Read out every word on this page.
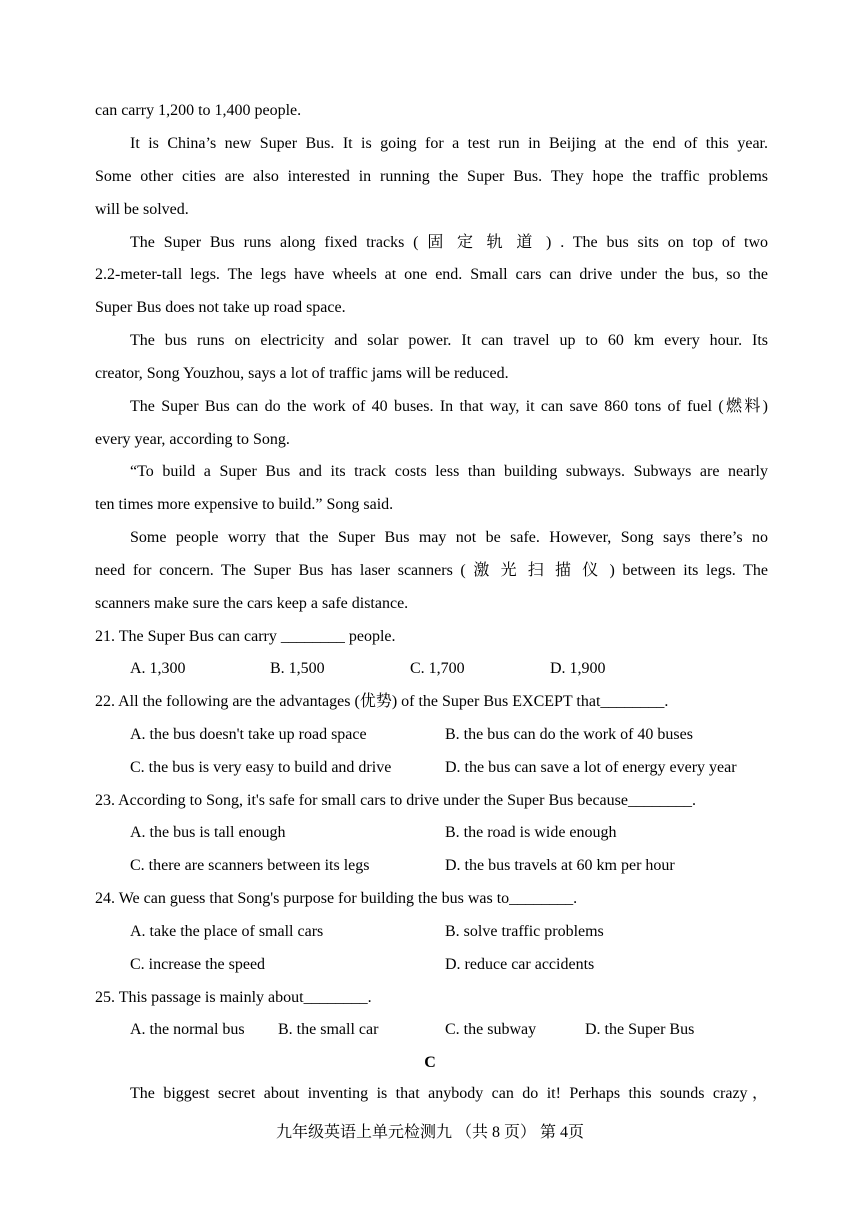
can carry 1,200 to 1,400 people.
It is China’s new Super Bus. It is going for a test run in Beijing at the end of this year.
Some other cities are also interested in running the Super Bus. They hope the traffic problems
will be solved.
The Super Bus runs along fixed tracks ( 固 定 轨 道 ) . The bus sits on top of two
2.2-meter-tall legs. The legs have wheels at one end. Small cars can drive under the bus, so the
Super Bus does not take up road space.
The bus runs on electricity and solar power. It can travel up to 60 km every hour. Its
creator, Song Youzhou, says a lot of traffic jams will be reduced.
The Super Bus can do the work of 40 buses. In that way, it can save 860 tons of fuel (燃料)
every year, according to Song.
“To build a Super Bus and its track costs less than building subways. Subways are nearly
ten times more expensive to build.” Song said.
Some people worry that the Super Bus may not be safe. However, Song says there’s no
need for concern. The Super Bus has laser scanners ( 激 光 扫 描 仪 ) between its legs. The
scanners make sure the cars keep a safe distance.
21. The Super Bus can carry ________ people.
A. 1,300	B. 1,500	C. 1,700	D. 1,900
22. All the following are the advantages (优势) of the Super Bus EXCEPT that________.
A. the bus doesn't take up road space	B. the bus can do the work of 40 buses
C. the bus is very easy to build and drive	D. the bus can save a lot of energy every year
23. According to Song, it's safe for small cars to drive under the Super Bus because________.
A. the bus is tall enough	B. the road is wide enough
C. there are scanners between its legs	D. the bus travels at 60 km per hour
24. We can guess that Song's purpose for building the bus was to________.
A. take the place of small cars	B. solve traffic problems
C. increase the speed	D. reduce car accidents
25. This passage is mainly about________.
A. the normal bus B. the small car	C. the subway	D. the Super Bus
C
The biggest secret about inventing is that anybody can do it! Perhaps this sounds crazy，
九年级英语上单元检测九 （共 8 页） 第 4页
